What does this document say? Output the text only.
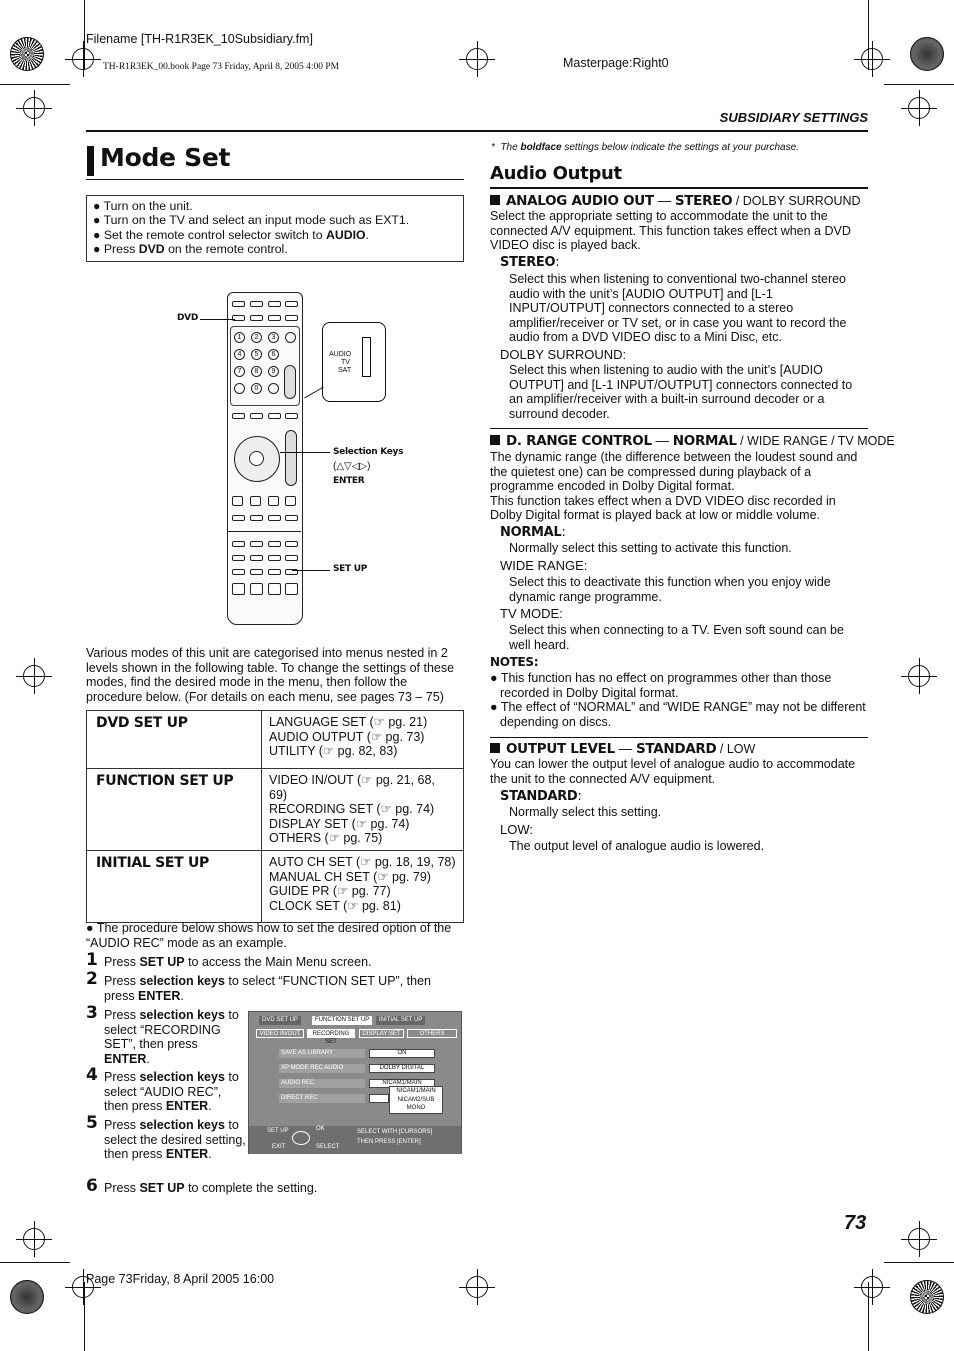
Filename [TH-R1R3EK_10Subsidiary.fm]
TH-R1R3EK_00.book Page 73 Friday, April 8, 2005 4:00 PM	Masterpage:Right0
Page 73Friday, 8 April 2005 16:00
SUBSIDIARY SETTINGS
73
Mode Set
● Turn on the unit.
● Turn on the TV and select an input mode such as EXT1.
● Set the remote control selector switch to AUDIO.
● Press DVD on the remote control.
1	2	3
4	5	6
7	8	9
0
DVD
AUDIO
TV
SAT
Selection Keys
(△▽◁▷)
ENTER
SET UP
Various modes of this unit are categorised into menus nested in 2 levels shown in the following table. To change the settings of these modes, find the desired mode in the menu, then follow the procedure below. (For details on each menu, see pages 73 – 75)
DVD SET UP	LANGUAGE SET (☞ pg. 21)
AUDIO OUTPUT (☞ pg. 73)
UTILITY (☞ pg. 82, 83)

FUNCTION SET UP	VIDEO IN/OUT (☞ pg. 21, 68, 69)
RECORDING SET (☞ pg. 74)
DISPLAY SET (☞ pg. 74)
OTHERS (☞ pg. 75)

INITIAL SET UP	AUTO CH SET (☞ pg. 18, 19, 78)
MANUAL CH SET (☞ pg. 79)
GUIDE PR (☞ pg. 77)
CLOCK SET (☞ pg. 81)
● The procedure below shows how to set the desired option of the “AUDIO REC” mode as an example.
1 Press SET UP to access the Main Menu screen.
2 Press selection keys to select “FUNCTION SET UP”, then press ENTER.
3 Press selection keys to select “RECORDING SET”, then press ENTER.
4 Press selection keys to select “AUDIO REC”, then press ENTER.
5 Press selection keys to select the desired setting, then press ENTER.
6 Press SET UP to complete the setting.
DVD SET UP	FUNCTION SET UP	INITIAL SET UP
VIDEO IN/OUT	RECORDING SET
DISPLAY SET	OTHERS
SAVE AS LIBRARY	ON
XP MODE REC AUDIO	DOLBY DIGITAL
AUDIO REC	NICAM1/MAIN
DIRECT REC
NICAM1/MAIN
NICAM2/SUB
MONO
SET UP	OK
EXIT	SELECT
SELECT WITH [CURSORS]
THEN PRESS [ENTER]
*  The boldface settings below indicate the settings at your purchase.
Audio Output
ANALOG AUDIO OUT — STEREO / DOLBY SURROUND
Select the appropriate setting to accommodate the unit to the connected A/V equipment. This function takes effect when a DVD VIDEO disc is played back.
STEREO:
Select this when listening to conventional two-channel stereo audio with the unit’s [AUDIO OUTPUT] and [L-1 INPUT/OUTPUT] connectors connected to a stereo amplifier/receiver or TV set, or in case you want to record the audio from a DVD VIDEO disc to a Mini Disc, etc.
DOLBY SURROUND:
Select this when listening to audio with the unit’s [AUDIO OUTPUT] and [L-1 INPUT/OUTPUT] connectors connected to an amplifier/receiver with a built-in surround decoder or a surround decoder.
D. RANGE CONTROL — NORMAL / WIDE RANGE / TV MODE
The dynamic range (the difference between the loudest sound and the quietest one) can be compressed during playback of a programme encoded in Dolby Digital format.
This function takes effect when a DVD VIDEO disc recorded in Dolby Digital format is played back at low or middle volume.
NORMAL:
Normally select this setting to activate this function.
WIDE RANGE:
Select this to deactivate this function when you enjoy wide dynamic range programme.
TV MODE:
Select this when connecting to a TV. Even soft sound can be well heard.
NOTES:
● This function has no effect on programmes other than those recorded in Dolby Digital format.
● The effect of “NORMAL” and “WIDE RANGE” may not be different depending on discs.
OUTPUT LEVEL — STANDARD / LOW
You can lower the output level of analogue audio to accommodate the unit to the connected A/V equipment.
STANDARD:
Normally select this setting.
LOW:
The output level of analogue audio is lowered.
